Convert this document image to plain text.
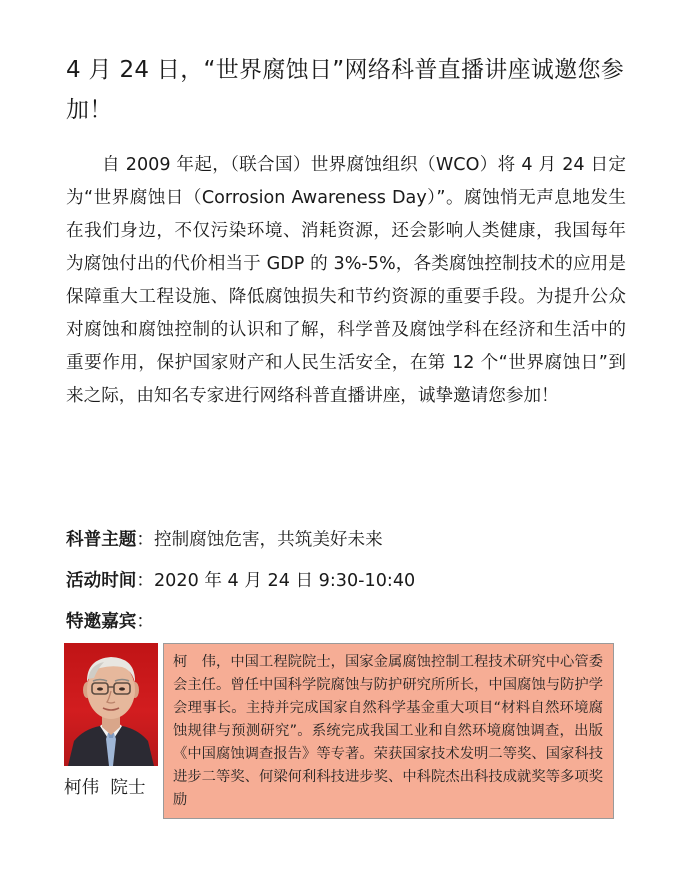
4 月 24 日，“世界腐蚀日”网络科普直播讲座诚邀您参加！

自 2009 年起，（联合国）世界腐蚀组织（WCO）将 4 月 24 日定为“世界腐蚀日（Corrosion Awareness Day）”。腐蚀悄无声息地发生在我们身边，不仅污染环境、消耗资源，还会影响人类健康，我国每年为腐蚀付出的代价相当于 GDP 的 3%-5%，各类腐蚀控制技术的应用是保障重大工程设施、降低腐蚀损失和节约资源的重要手段。为提升公众对腐蚀和腐蚀控制的认识和了解，科学普及腐蚀学科在经济和生活中的重要作用，保护国家财产和人民生活安全，在第 12 个“世界腐蚀日”到来之际，由知名专家进行网络科普直播讲座，诚挚邀请您参加！

科普主题：控制腐蚀危害，共筑美好未来
活动时间：2020 年 4 月 24 日 9:30-10:40
特邀嘉宾：
柯伟  院士

柯　伟，中国工程院院士，国家金属腐蚀控制工程技术研究中心管委会主任。曾任中国科学院腐蚀与防护研究所所长，中国腐蚀与防护学会理事长。主持并完成国家自然科学基金重大项目“材料自然环境腐蚀规律与预测研究”。系统完成我国工业和自然环境腐蚀调查，出版《中国腐蚀调查报告》等专著。荣获国家技术发明二等奖、国家科技进步二等奖、何梁何利科技进步奖、中科院杰出科技成就奖等多项奖励
